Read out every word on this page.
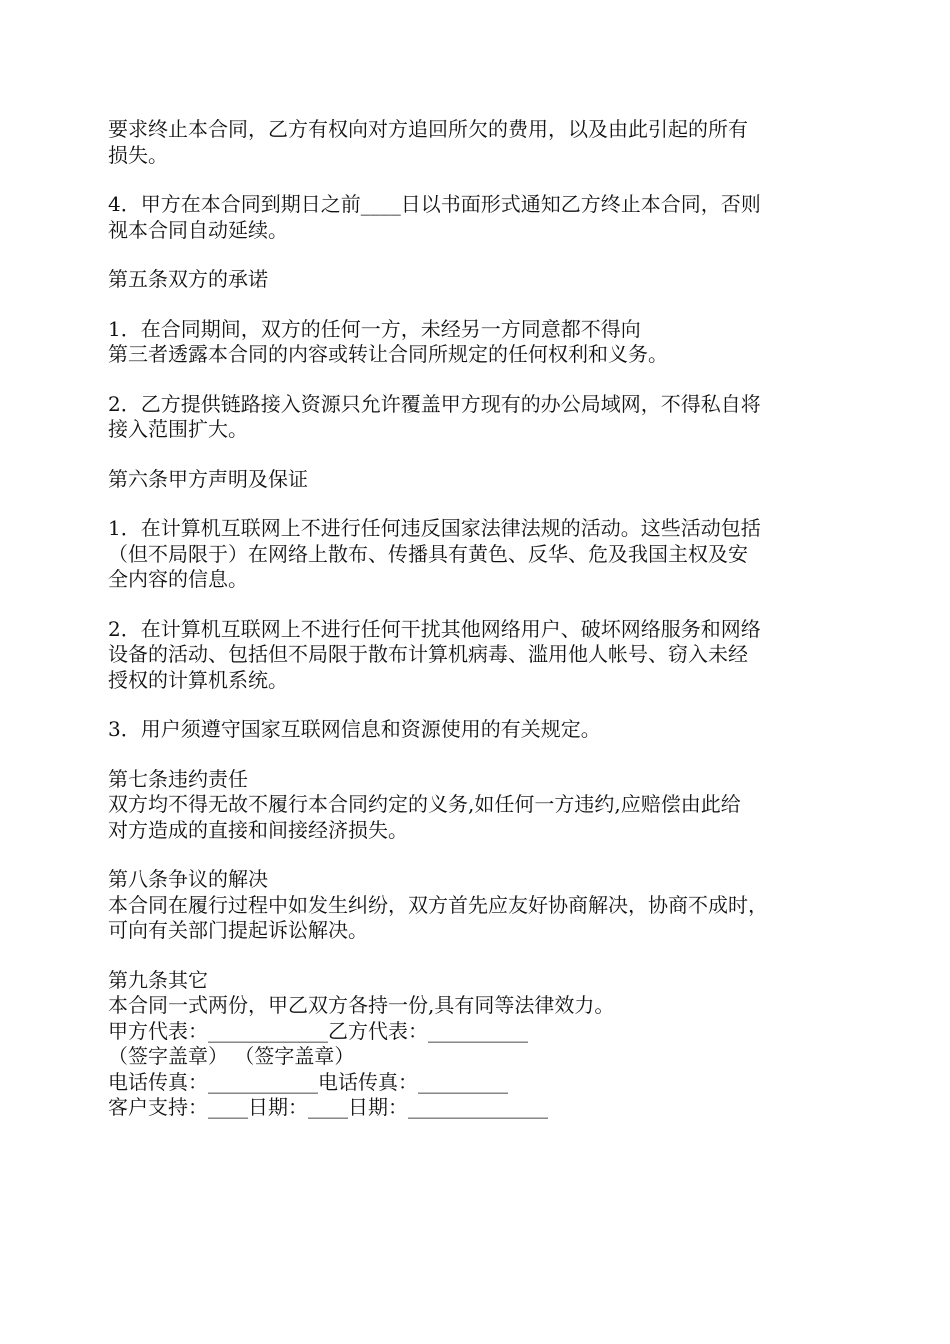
要求终止本合同，乙方有权向对方追回所欠的费用，以及由此引起的所有
损失。
4．甲方在本合同到期日之前____日以书面形式通知乙方终止本合同，否则
视本合同自动延续。
第五条双方的承诺
1．在合同期间，双方的任何一方，未经另一方同意都不得向
第三者透露本合同的内容或转让合同所规定的任何权利和义务。
2．乙方提供链路接入资源只允许覆盖甲方现有的办公局域网，不得私自将
接入范围扩大。
第六条甲方声明及保证
1．在计算机互联网上不进行任何违反国家法律法规的活动。这些活动包括
（但不局限于）在网络上散布、传播具有黄色、反华、危及我国主权及安
全内容的信息。
2．在计算机互联网上不进行任何干扰其他网络用户、破坏网络服务和网络
设备的活动、包括但不局限于散布计算机病毒、滥用他人帐号、窃入未经
授权的计算机系统。
3．用户须遵守国家互联网信息和资源使用的有关规定。
第七条违约责任
双方均不得无故不履行本合同约定的义务,如任何一方违约,应赔偿由此给
对方造成的直接和间接经济损失。
第八条争议的解决
本合同在履行过程中如发生纠纷，双方首先应友好协商解决，协商不成时，
可向有关部门提起诉讼解决。
第九条其它
本合同一式两份，甲乙双方各持一份,具有同等法律效力。
甲方代表：____________乙方代表：__________
（签字盖章） （签字盖章）
电话传真：___________电话传真：_________
客户支持：____日期：____日期：______________
